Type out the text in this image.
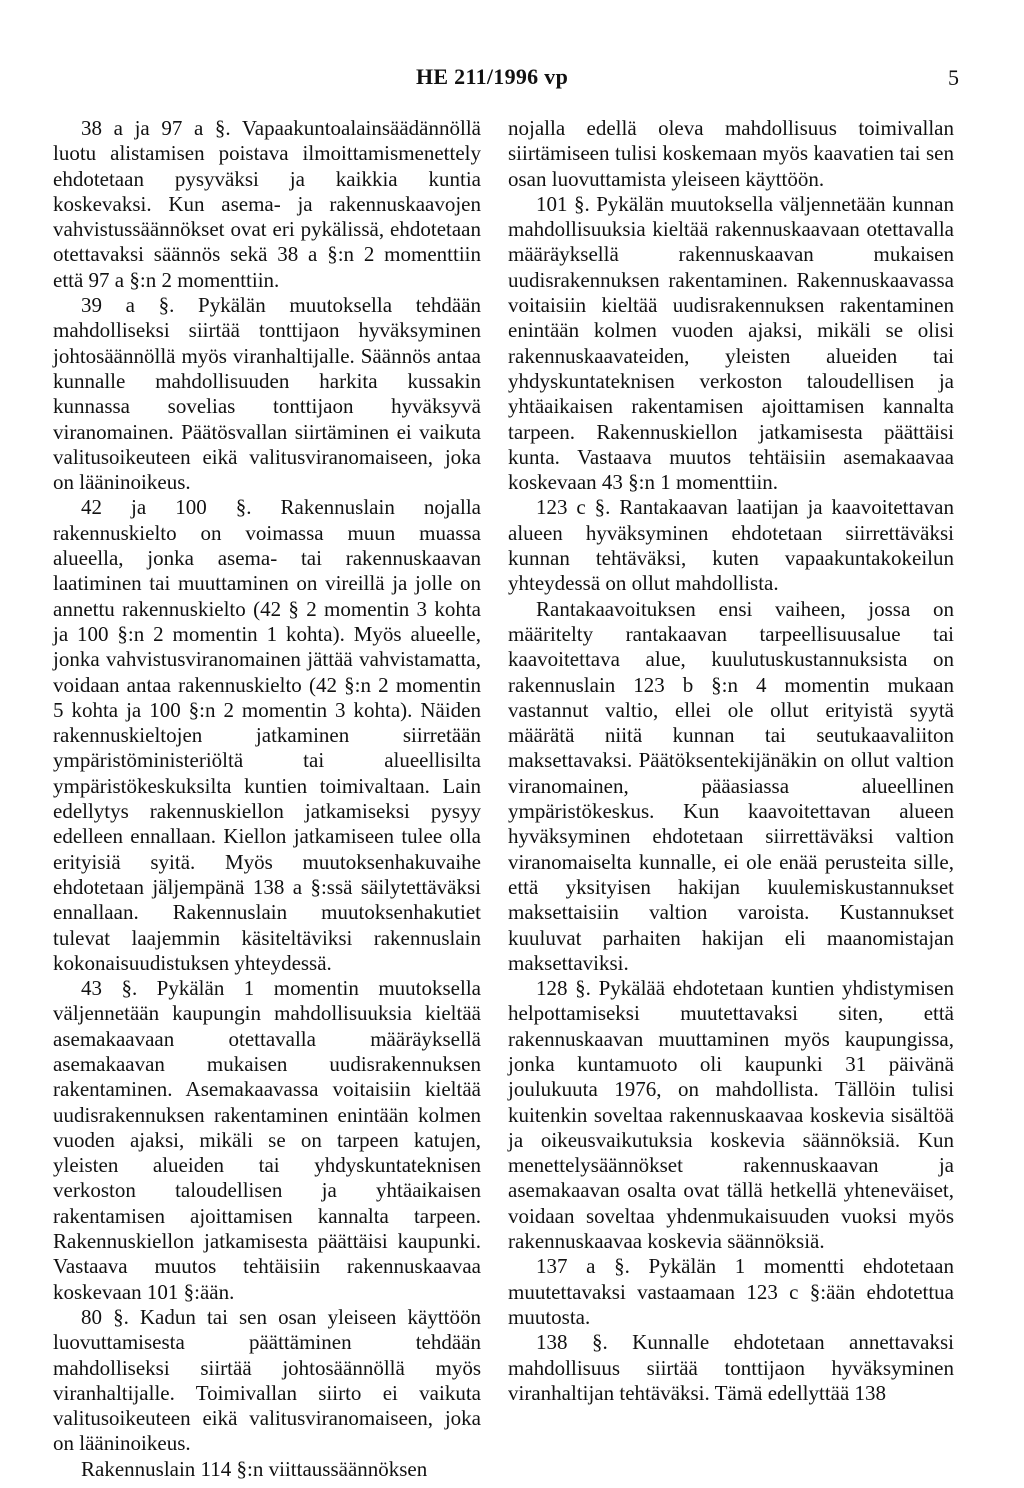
HE 211/1996 vp	5

38 a ja 97 a §. Vapaakuntoalainsäädännöllä luotu alistamisen poistava ilmoittamismenettely ehdotetaan pysyväksi ja kaikkia kuntia koskevaksi. Kun asema- ja rakennuskaavojen vahvistussäännökset ovat eri pykälissä, ehdotetaan otettavaksi säännös sekä 38 a §:n 2 momenttiin että 97 a §:n 2 momenttiin.

39 a §. Pykälän muutoksella tehdään mahdolliseksi siirtää tonttijaon hyväksyminen johtosäännöllä myös viranhaltijalle. Säännös antaa kunnalle mahdollisuuden harkita kussakin kunnassa sovelias tonttijaon hyväksyvä viranomainen. Päätösvallan siirtäminen ei vaikuta valitusoikeuteen eikä valitusviranomaiseen, joka on lääninoikeus.

42 ja 100 §. Rakennuslain nojalla rakennuskielto on voimassa muun muassa alueella, jonka asema- tai rakennuskaavan laatiminen tai muuttaminen on vireillä ja jolle on annettu rakennuskielto (42 § 2 momentin 3 kohta ja 100 §:n 2 momentin 1 kohta). Myös alueelle, jonka vahvistusviranomainen jättää vahvistamatta, voidaan antaa rakennuskielto (42 §:n 2 momentin 5 kohta ja 100 §:n 2 momentin 3 kohta). Näiden rakennuskieltojen jatkaminen siirretään ympäristöministeriöltä tai alueellisilta ympäristökeskuksilta kuntien toimivaltaan. Lain edellytys rakennuskiellon jatkamiseksi pysyy edelleen ennallaan. Kiellon jatkamiseen tulee olla erityisiä syitä. Myös muutoksenhakuvaihe ehdotetaan jäljempänä 138 a §:ssä säilytettäväksi ennallaan. Rakennuslain muutoksenhakutiet tulevat laajemmin käsiteltäviksi rakennuslain kokonaisuudistuksen yhteydessä.

43 §. Pykälän 1 momentin muutoksella väljennetään kaupungin mahdollisuuksia kieltää asemakaavaan otettavalla määräyksellä asemakaavan mukaisen uudisrakennuksen rakentaminen. Asemakaavassa voitaisiin kieltää uudisrakennuksen rakentaminen enintään kolmen vuoden ajaksi, mikäli se on tarpeen katujen, yleisten alueiden tai yhdyskuntateknisen verkoston taloudellisen ja yhtäaikaisen rakentamisen ajoittamisen kannalta tarpeen. Rakennuskiellon jatkamisesta päättäisi kaupunki. Vastaava muutos tehtäisiin rakennuskaavaa koskevaan 101 §:ään.

80 §. Kadun tai sen osan yleiseen käyttöön luovuttamisesta päättäminen tehdään mahdolliseksi siirtää johtosäännöllä myös viranhaltijalle. Toimivallan siirto ei vaikuta valitusoikeuteen eikä valitusviranomaiseen, joka on lääninoikeus.

Rakennuslain 114 §:n viittaussäännöksen

nojalla edellä oleva mahdollisuus toimivallan siirtämiseen tulisi koskemaan myös kaavatien tai sen osan luovuttamista yleiseen käyttöön.

101 §. Pykälän muutoksella väljennetään kunnan mahdollisuuksia kieltää rakennuskaavaan otettavalla määräyksellä rakennuskaavan mukaisen uudisrakennuksen rakentaminen. Rakennuskaavassa voitaisiin kieltää uudisrakennuksen rakentaminen enintään kolmen vuoden ajaksi, mikäli se olisi rakennuskaavateiden, yleisten alueiden tai yhdyskuntateknisen verkoston taloudellisen ja yhtäaikaisen rakentamisen ajoittamisen kannalta tarpeen. Rakennuskiellon jatkamisesta päättäisi kunta. Vastaava muutos tehtäisiin asemakaavaa koskevaan 43 §:n 1 momenttiin.

123 c §. Rantakaavan laatijan ja kaavoitettavan alueen hyväksyminen ehdotetaan siirrettäväksi kunnan tehtäväksi, kuten vapaakuntakokeilun yhteydessä on ollut mahdollista.

Rantakaavoituksen ensi vaiheen, jossa on määritelty rantakaavan tarpeellisuusalue tai kaavoitettava alue, kuulutuskustannuksista on rakennuslain 123 b §:n 4 momentin mukaan vastannut valtio, ellei ole ollut erityistä syytä määrätä niitä kunnan tai seutukaavaliiton maksettavaksi. Päätöksentekijänäkin on ollut valtion viranomainen, pääasiassa alueellinen ympäristökeskus. Kun kaavoitettavan alueen hyväksyminen ehdotetaan siirrettäväksi valtion viranomaiselta kunnalle, ei ole enää perusteita sille, että yksityisen hakijan kuulemiskustannukset maksettaisiin valtion varoista. Kustannukset kuuluvat parhaiten hakijan eli maanomistajan maksettaviksi.

128 §. Pykälää ehdotetaan kuntien yhdistymisen helpottamiseksi muutettavaksi siten, että rakennuskaavan muuttaminen myös kaupungissa, jonka kuntamuoto oli kaupunki 31 päivänä joulukuuta 1976, on mahdollista. Tällöin tulisi kuitenkin soveltaa rakennuskaavaa koskevia sisältöä ja oikeusvaikutuksia koskevia säännöksiä. Kun menettelysäännökset rakennuskaavan ja asemakaavan osalta ovat tällä hetkellä yhteneväiset, voidaan soveltaa yhdenmukaisuuden vuoksi myös rakennuskaavaa koskevia säännöksiä.

137 a §. Pykälän 1 momentti ehdotetaan muutettavaksi vastaamaan 123 c §:ään ehdotettua muutosta.

138 §. Kunnalle ehdotetaan annettavaksi mahdollisuus siirtää tonttijaon hyväksyminen viranhaltijan tehtäväksi. Tämä edellyttää 138
